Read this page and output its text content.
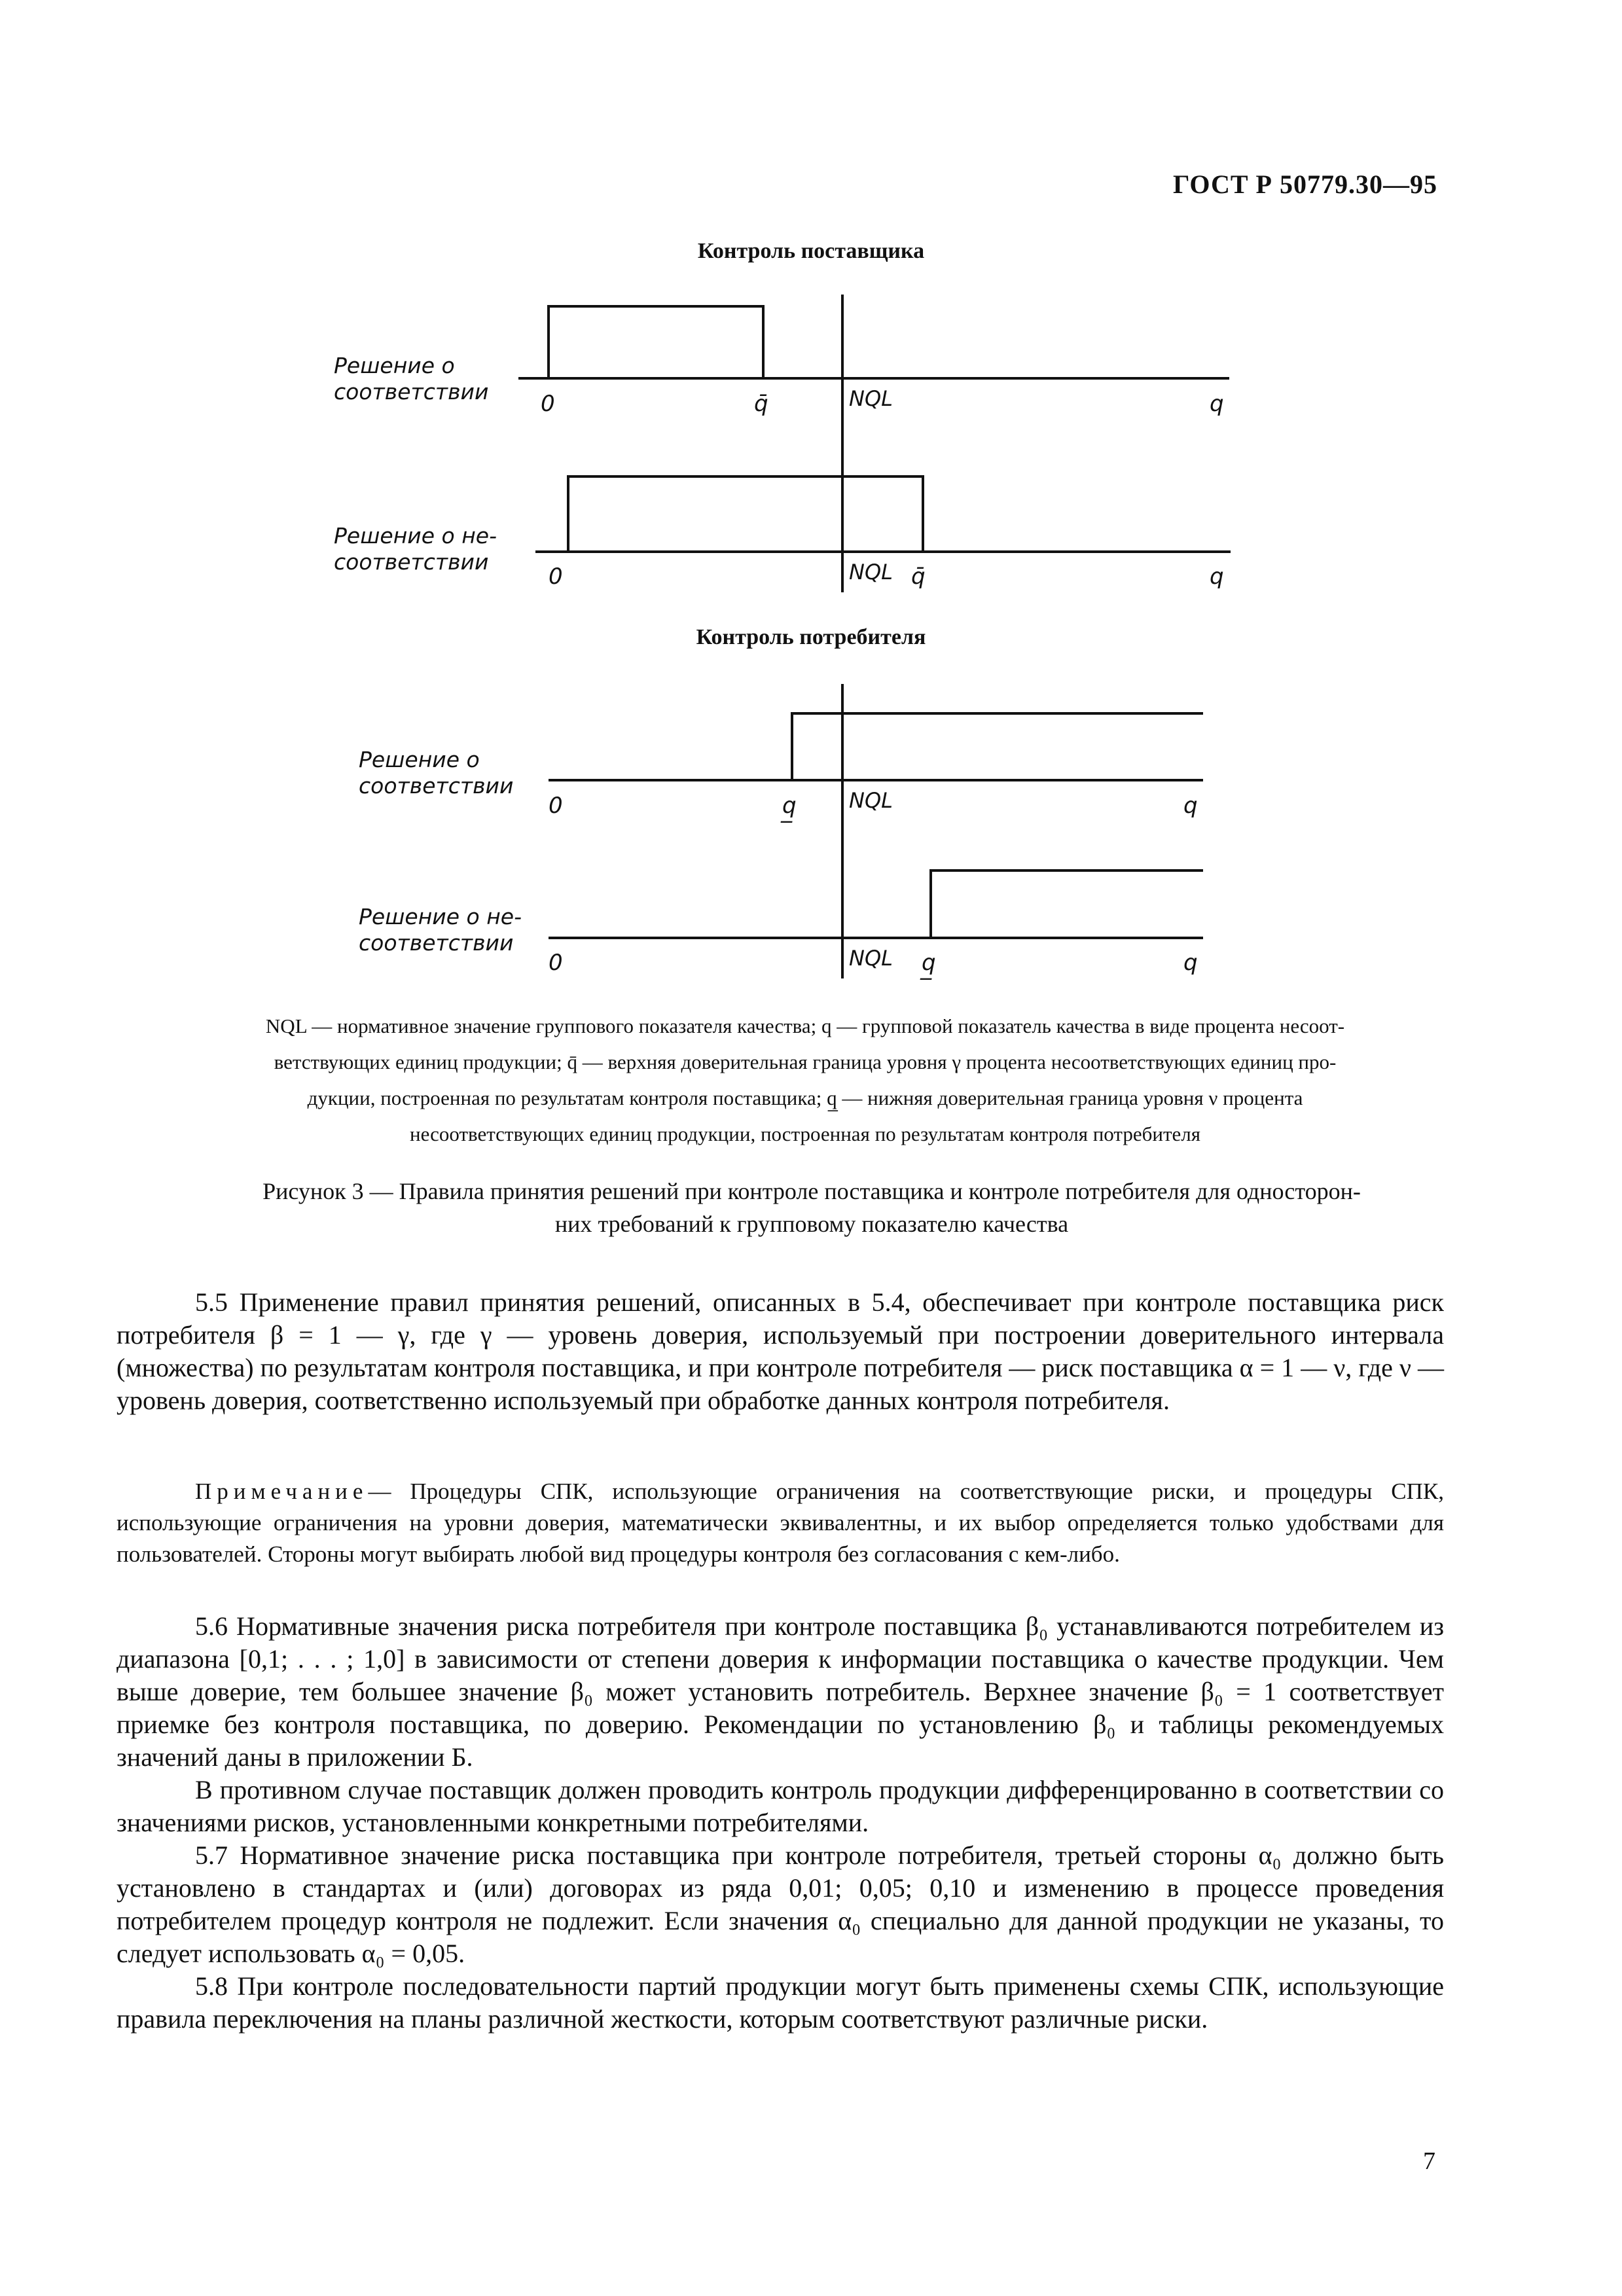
ГОСТ Р 50779.30—95
Контроль поставщика
Контроль потребителя
Решение о
соответствии
Решение о не-
соответствии
Решение о
соответствии
Решение о не-
соответствии
0	q̄	NQL	q
0	NQL q̄	q
0	q̲	NQL	q
0	NQL q̲	q

NQL — нормативное значение группового показателя качества; q — групповой показатель качества в виде процента несоот-

ветствующих единиц продукции; q̄ — верхняя доверительная граница уровня γ процента несоответствующих единиц про-

дукции, построенная по результатам контроля поставщика; q̲ — нижняя доверительная граница уровня ν процента

несоответствующих единиц продукции, построенная по результатам контроля потребителя

Рисунок 3 — Правила принятия решений при контроле поставщика и контроле потребителя для односторон-
них требований к групповому показателю качества

5.5 Применение правил принятия решений, описанных в 5.4, обеспечивает при контроле поставщика риск потребителя β = 1 — γ, где γ — уровень доверия, используемый при построении доверительного интервала (множества) по результатам контроля поставщика, и при контроле потребителя — риск поставщика α = 1 — ν, где ν — уровень доверия, соответственно используемый при обработке данных контроля потребителя.

Примечание— Процедуры СПК, использующие ограничения на соответствующие риски, и процедуры СПК, использующие ограничения на уровни доверия, математически эквивалентны, и их выбор определяется только удобствами для пользователей. Стороны могут выбирать любой вид процедуры контроля без согласования с кем-либо.

5.6 Нормативные значения риска потребителя при контроле поставщика β₀ устанавливаются потребителем из диапазона [0,1; . . . ; 1,0] в зависимости от степени доверия к информации поставщика о качестве продукции. Чем выше доверие, тем большее значение β₀ может установить потребитель. Верхнее значение β₀ = 1 соответствует приемке без контроля поставщика, по доверию. Рекомендации по установлению β₀ и таблицы рекомендуемых значений даны в приложении Б.

В противном случае поставщик должен проводить контроль продукции дифференцированно в соответствии со значениями рисков, установленными конкретными потребителями.

5.7 Нормативное значение риска поставщика при контроле потребителя, третьей стороны α₀ должно быть установлено в стандартах и (или) договорах из ряда 0,01; 0,05; 0,10 и изменению в процессе проведения потребителем процедур контроля не подлежит. Если значения α₀ специально для данной продукции не указаны, то следует использовать α₀ = 0,05.

5.8 При контроле последовательности партий продукции могут быть применены схемы СПК, использующие правила переключения на планы различной жесткости, которым соответствуют различные риски.

7
